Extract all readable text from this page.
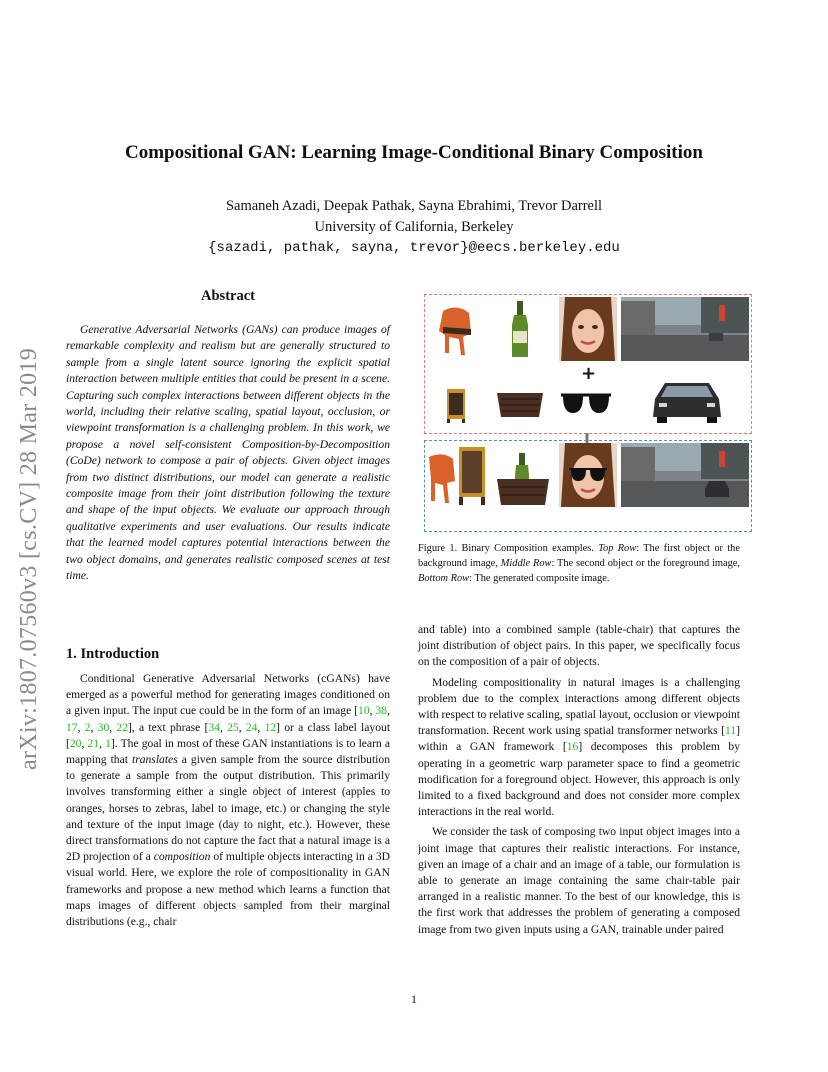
Compositional GAN: Learning Image-Conditional Binary Composition
Samaneh Azadi, Deepak Pathak, Sayna Ebrahimi, Trevor Darrell
University of California, Berkeley
{sazadi, pathak, sayna, trevor}@eecs.berkeley.edu
arXiv:1807.07560v3 [cs.CV] 28 Mar 2019
Abstract
Generative Adversarial Networks (GANs) can produce images of remarkable complexity and realism but are generally structured to sample from a single latent source ignoring the explicit spatial interaction between multiple entities that could be present in a scene. Capturing such complex interactions between different objects in the world, including their relative scaling, spatial layout, occlusion, or viewpoint transformation is a challenging problem. In this work, we propose a novel self-consistent Composition-by-Decomposition (CoDe) network to compose a pair of objects. Given object images from two distinct distributions, our model can generate a realistic composite image from their joint distribution following the texture and shape of the input objects. We evaluate our approach through qualitative experiments and user evaluations. Our results indicate that the learned model captures potential interactions between the two object domains, and generates realistic composed scenes at test time.
1. Introduction

Conditional Generative Adversarial Networks (cGANs) have emerged as a powerful method for generating images conditioned on a given input. The input cue could be in the form of an image [10, 38, 17, 2, 30, 22], a text phrase [34, 25, 24, 12] or a class label layout [20, 21, 1]. The goal in most of these GAN instantiations is to learn a mapping that translates a given sample from the source distribution to generate a sample from the output distribution. This primarily involves transforming either a single object of interest (apples to oranges, horses to zebras, label to image, etc.) or changing the style and texture of the input image (day to night, etc.). However, these direct transformations do not capture the fact that a natural image is a 2D projection of a composition of multiple objects interacting in a 3D visual world. Here, we explore the role of compositionality in GAN frameworks and propose a new method which learns a function that maps images of different objects sampled from their marginal distributions (e.g., chair

+
Figure 1. Binary Composition examples. Top Row: The first object or the background image, Middle Row: The second object or the foreground image, Bottom Row: The generated composite image.

and table) into a combined sample (table-chair) that captures the joint distribution of object pairs. In this paper, we specifically focus on the composition of a pair of objects.

Modeling compositionality in natural images is a challenging problem due to the complex interactions among different objects with respect to relative scaling, spatial layout, occlusion or viewpoint transformation. Recent work using spatial transformer networks [11] within a GAN framework [16] decomposes this problem by operating in a geometric warp parameter space to find a geometric modification for a foreground object. However, this approach is only limited to a fixed background and does not consider more complex interactions in the real world.

We consider the task of composing two input object images into a joint image that captures their realistic interactions. For instance, given an image of a chair and an image of a table, our formulation is able to generate an image containing the same chair-table pair arranged in a realistic manner. To the best of our knowledge, this is the first work that addresses the problem of generating a composed image from two given inputs using a GAN, trainable under paired

1
